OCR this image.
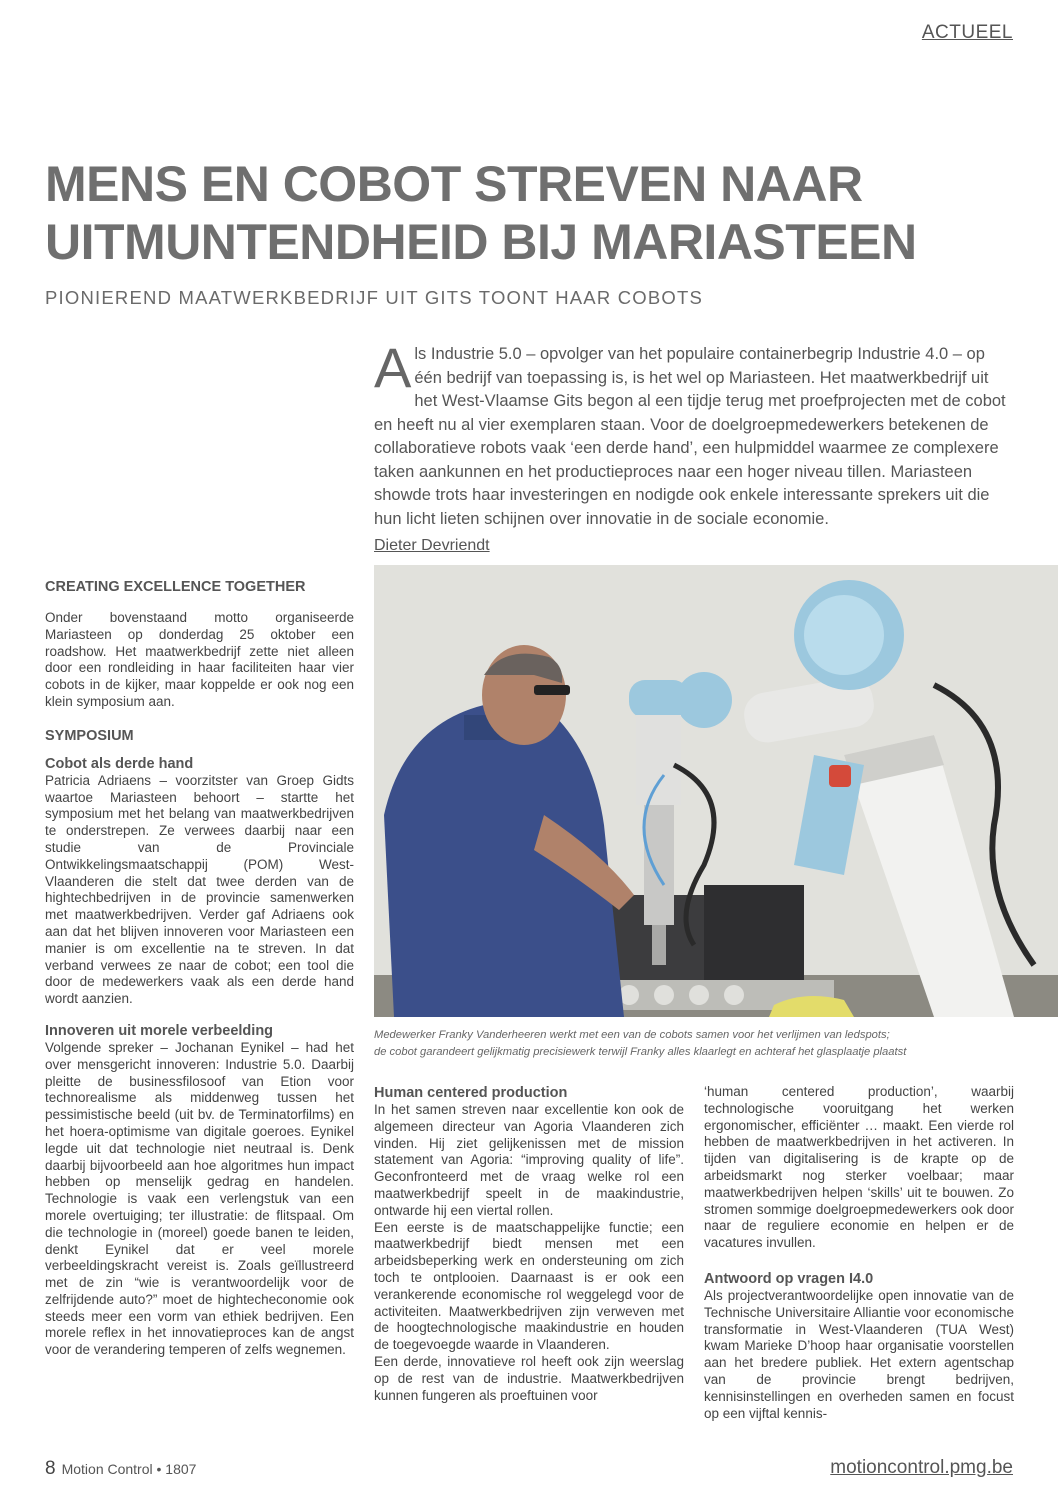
ACTUEEL
MENS EN COBOT STREVEN NAAR
UITMUNTENDHEID BIJ MARIASTEEN
PIONIEREND MAATWERKBEDRIJF UIT GITS TOONT HAAR COBOTS
Als Industrie 5.0 – opvolger van het populaire containerbegrip Industrie 4.0 – op één bedrijf van toepassing is, is het wel op Mariasteen. Het maatwerkbedrijf uit het West-Vlaamse Gits begon al een tijdje terug met proefprojecten met de cobot en heeft nu al vier exemplaren staan. Voor de doelgroepmedewerkers betekenen de collaboratieve robots vaak ‘een derde hand’, een hulpmiddel waarmee ze complexere taken aankunnen en het productieproces naar een hoger niveau tillen. Mariasteen showde trots haar investeringen en nodigde ook enkele interessante sprekers uit die hun licht lieten schijnen over innovatie in de sociale economie.
Dieter Devriendt
Medewerker Franky Vanderheeren werkt met een van de cobots samen voor het verlijmen van ledspots;
de cobot garandeert gelijkmatig precisiewerk terwijl Franky alles klaarlegt en achteraf het glasplaatje plaatst
CREATING EXCELLENCE TOGETHER

Onder bovenstaand motto organiseerde Mariasteen op donderdag 25 oktober een roadshow. Het maatwerkbedrijf zette niet alleen door een rondleiding in haar faciliteiten haar vier cobots in de kijker, maar koppelde er ook nog een klein symposium aan.

SYMPOSIUM
Cobot als derde hand

Patricia Adriaens – voorzitster van Groep Gidts waartoe Mariasteen behoort – startte het symposium met het belang van maatwerkbedrijven te onderstrepen. Ze verwees daarbij naar een studie van de Provinciale Ontwikkelingsmaatschappij (POM) West-Vlaanderen die stelt dat twee derden van de hightechbedrijven in de provincie samenwerken met maatwerkbedrijven. Verder gaf Adriaens ook aan dat het blijven innoveren voor Mariasteen een manier is om excellentie na te streven. In dat verband verwees ze naar de cobot; een tool die door de medewerkers vaak als een derde hand wordt aanzien.

Innoveren uit morele verbeelding

Volgende spreker – Jochanan Eynikel – had het over mensgericht innoveren: Industrie 5.0. Daarbij pleitte de businessfilosoof van Etion voor technorealisme als middenweg tussen het pessimistische beeld (uit bv. de Terminatorfilms) en het hoera-optimisme van digitale goeroes. Eynikel legde uit dat technologie niet neutraal is. Denk daarbij bijvoorbeeld aan hoe algoritmes hun impact hebben op menselijk gedrag en handelen. Technologie is vaak een verlengstuk van een morele overtuiging; ter illustratie: de flitspaal. Om die technologie in (moreel) goede banen te leiden, denkt Eynikel dat er veel morele verbeeldingskracht vereist is. Zoals geïllustreerd met de zin “wie is verantwoordelijk voor de zelfrijdende auto?” moet de hightecheconomie ook steeds meer een vorm van ethiek bedrijven. Een morele reflex in het innovatieproces kan de angst voor de verandering temperen of zelfs wegnemen.

Human centered production

In het samen streven naar excellentie kon ook de algemeen directeur van Agoria Vlaanderen zich vinden. Hij ziet gelijkenissen met de mission statement van Agoria: “improving quality of life”. Geconfronteerd met de vraag welke rol een maatwerkbedrijf speelt in de maakindustrie, ontwarde hij een viertal rollen.

Een eerste is de maatschappelijke functie; een maatwerkbedrijf biedt mensen met een arbeidsbeperking werk en ondersteuning om zich toch te ontplooien. Daarnaast is er ook een verankerende economische rol weggelegd voor de activiteiten. Maatwerkbedrijven zijn verweven met de hoogtechnologische maakindustrie en houden de toegevoegde waarde in Vlaanderen.

Een derde, innovatieve rol heeft ook zijn weerslag op de rest van de industrie. Maatwerkbedrijven kunnen fungeren als proeftuinen voor

‘human centered production’, waarbij technologische vooruitgang het werken ergonomischer, efficiënter … maakt. Een vierde rol hebben de maatwerkbedrijven in het activeren. In tijden van digitalisering is de krapte op de arbeidsmarkt nog sterker voelbaar; maar maatwerkbedrijven helpen ‘skills’ uit te bouwen. Zo stromen sommige doelgroepmedewerkers ook door naar de reguliere economie en helpen er de vacatures invullen.

Antwoord op vragen I4.0

Als projectverantwoordelijke open innovatie van de Technische Universitaire Alliantie voor economische transformatie in West-Vlaanderen (TUA West) kwam Marieke D’hoop haar organisatie voorstellen aan het bredere publiek. Het extern agentschap van de provincie brengt bedrijven, kennisinstellingen en overheden samen en focust op een vijftal kennis-

8 Motion Control • 1807	motioncontrol.pmg.be
